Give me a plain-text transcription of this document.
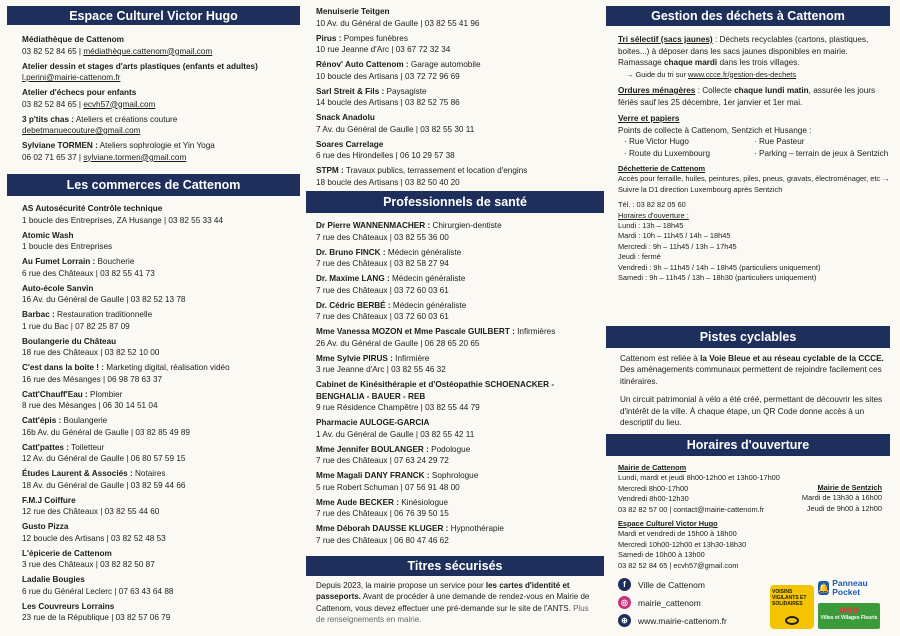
Espace Culturel Victor Hugo
Médiathèque de Cattenom
03 82 52 84 65 | médiathèque.cattenom@gmail.com
Atelier dessin et stages d'arts plastiques (enfants et adultes)
l.perini@mairie-cattenom.fr
Atelier d'échecs pour enfants
03 82 52 84 65 | ecvh57@gmail.com
3 p'tits chas : Ateliers et créations couture
debetmanuecouture@gmail.com
Sylviane TORMEN : Ateliers sophrologie et Yin Yoga
06 02 71 65 37 | sylviane.tormen@gmail.com
Les commerces de Cattenom
AS Autosécurité Contrôle technique
1 boucle des Entreprises, ZA Husange | 03 82 55 33 44
Atomic Wash
1 boucle des Entreprises
Au Fumet Lorrain : Boucherie
6 rue des Châteaux | 03 82 55 41 73
Auto-école Sanvin
16 Av. du Général de Gaulle | 03 82 52 13 78
Barbac : Restauration traditionnelle
1 rue du Bac | 07 82 25 87 09
Boulangerie du Château
18 rue des Châteaux | 03 82 52 10 00
C'est dans la boite ! : Marketing digital, réalisation vidéo
16 rue des Mésanges | 06 98 78 63 37
Catt'Chauff'Eau : Plombier
8 rue des Mésanges | 06 30 14 51 04
Catt'épis : Boulangerie
16b Av. du Général de Gaulle | 03 82 85 49 89
Catt'pattes : Toiletteur
12 Av. du Général de Gaulle | 06 80 57 59 15
Études Laurent & Associés : Notaires
18 Av. du Général de Gaulle | 03 82 59 44 66
F.M.J Coiffure
12 rue des Châteaux | 03 82 55 44 60
Gusto Pizza
12 boucle des Artisans | 03 82 52 48 53
L'épicerie de Cattenom
3 rue des Châteaux | 03 82 82 50 87
Ladalie Bougies
6 rue du Général Leclerc | 07 63 43 64 88
Les Couvreurs Lorrains
23 rue de la République | 03 82 57 06 79
Menuiserie Teitgen
10 Av. du Général de Gaulle | 03 82 55 41 96
Pirus : Pompes funèbres
10 rue Jeanne d'Arc | 03 67 72 32 34
Rénov' Auto Cattenom : Garage automobile
10 boucle des Artisans | 03 72 72 96 69
Sarl Streit & Fils : Paysagiste
14 boucle des Artisans | 03 82 52 75 86
Snack Anadolu
7 Av. du Général de Gaulle | 03 82 55 30 11
Soares Carrelage
6 rue des Hirondelles | 06 10 29 57 38
STPM : Travaux publics, terrassement et location d'engins
18 boucle des Artisans | 03 82 50 40 20
Professionnels de santé
Dr Pierre WANNENMACHER : Chirurgien-dentiste
7 rue des Châteaux | 03 82 55 36 00
Dr. Bruno FINCK : Médecin généraliste
7 rue des Châteaux | 03 82 58 27 94
Dr. Maxime LANG : Médecin généraliste
7 rue des Châteaux | 03 72 60 03 61
Dr. Cédric BERBÉ : Médecin généraliste
7 rue des Châteaux | 03 72 60 03 61
Mme Vanessa MOZON et Mme Pascale GUILBERT : Infirmières
26 Av. du Général de Gaulle | 06 28 65 20 65
Mme Sylvie PIRUS : Infirmière
3 rue Jeanne d'Arc | 03 82 55 46 32
Cabinet de Kinésithérapie et d'Ostéopathie SCHOENACKER - BENGHALIA - BAUER - REB
9 rue Résidence Champêtre | 03 82 55 44 79
Pharmacie AULOGE-GARCIA
1 Av. du Général de Gaulle | 03 82 55 42 11
Mme Jennifer BOULANGER : Podologue
7 rue des Châteaux | 07 63 24 29 72
Mme Magali DANY FRANCK : Sophrologue
5 rue Robert Schuman | 07 56 91 48 00
Mme Aude BECKER : Kinésiologue
7 rue des Châteaux | 06 76 39 50 15
Mme Déborah DAUSSE KLUGER : Hypnothérapie
7 rue des Châteaux | 06 80 47 46 62
Titres sécurisés
Depuis 2023, la mairie propose un service pour les cartes d'identité et passeports. Avant de procéder à une demande de rendez-vous en Mairie de Cattenom, vous devez effectuer une pré-demande sur le site de l'ANTS. Plus de renseignements en mairie.
Gestion des déchets à Cattenom
Tri sélectif (sacs jaunes) : Déchets recyclables (cartons, plastiques, boites...) à déposer dans les sacs jaunes disponibles en mairie.
Ramassage chaque mardi dans les trois villages.
→ Guide du tri sur www.ccce.fr/gestion-des-dechets
Ordures ménagères : Collecte chaque lundi matin, assurée les jours fériés sauf les 25 décembre, 1er janvier et 1er mai.
Verre et papiers
Points de collecte à Cattenom, Sentzich et Husange :
· Rue Victor Hugo
· Route du Luxembourg
· Rue Pasteur
· Parking – terrain de jeux à Sentzich
Déchetterie de Cattenom
Accès pour ferraille, huiles, peintures, piles, pneus, gravats, électroménager, etc → Suivre la D1 direction Luxembourg après Sentzich
Tél. : 03 82 82 05 60
Horaires d'ouverture :
Lundi : 13h – 18h45
Mardi : 10h – 11h45 / 14h – 18h45
Mercredi : 9h – 11h45 / 13h – 17h45
Jeudi : fermé
Vendredi : 9h – 11h45 / 14h – 18h45 (particuliers uniquement)
Samedi : 9h – 11h45 / 13h – 18h30 (particuliers uniquement)
Pistes cyclables
Cattenom est reliée à la Voie Bleue et au réseau cyclable de la CCCE. Des aménagements communaux permettent de rejoindre facilement ces itinéraires.
Un circuit patrimonial à vélo a été créé, permettant de découvrir les sites d'intérêt de la ville. À chaque étape, un QR Code donne accès à un descriptif du lieu.
Horaires d'ouverture
Mairie de Cattenom
Lundi, mardi et jeudi 8h00-12h00 et 13h00-17h00
Mercredi 8h00-17h00
Vendredi 8h00-12h30
03 82 82 57 00 | contact@mairie-cattenom.fr
Espace Culturel Victor Hugo
Mardi et vendredi de 15h00 à 18h00
Mercredi 10h00-12h00 et 13h30-18h30
Samedi de 10h00 à 13h00
03 82 52 84 65 | ecvh57@gmail.com
Mairie de Sentzich
Mardi de 13h30 à 16h00
Jeudi de 9h00 à 12h00
f	Ville de Cattenom
◎	mairie_cattenom
⊕	www.mairie-cattenom.fr
VOISINS VIGILANTS ET SOLIDAIRES
🔔 Panneau Pocket
✿✿✿
Villes et Villages Fleuris
